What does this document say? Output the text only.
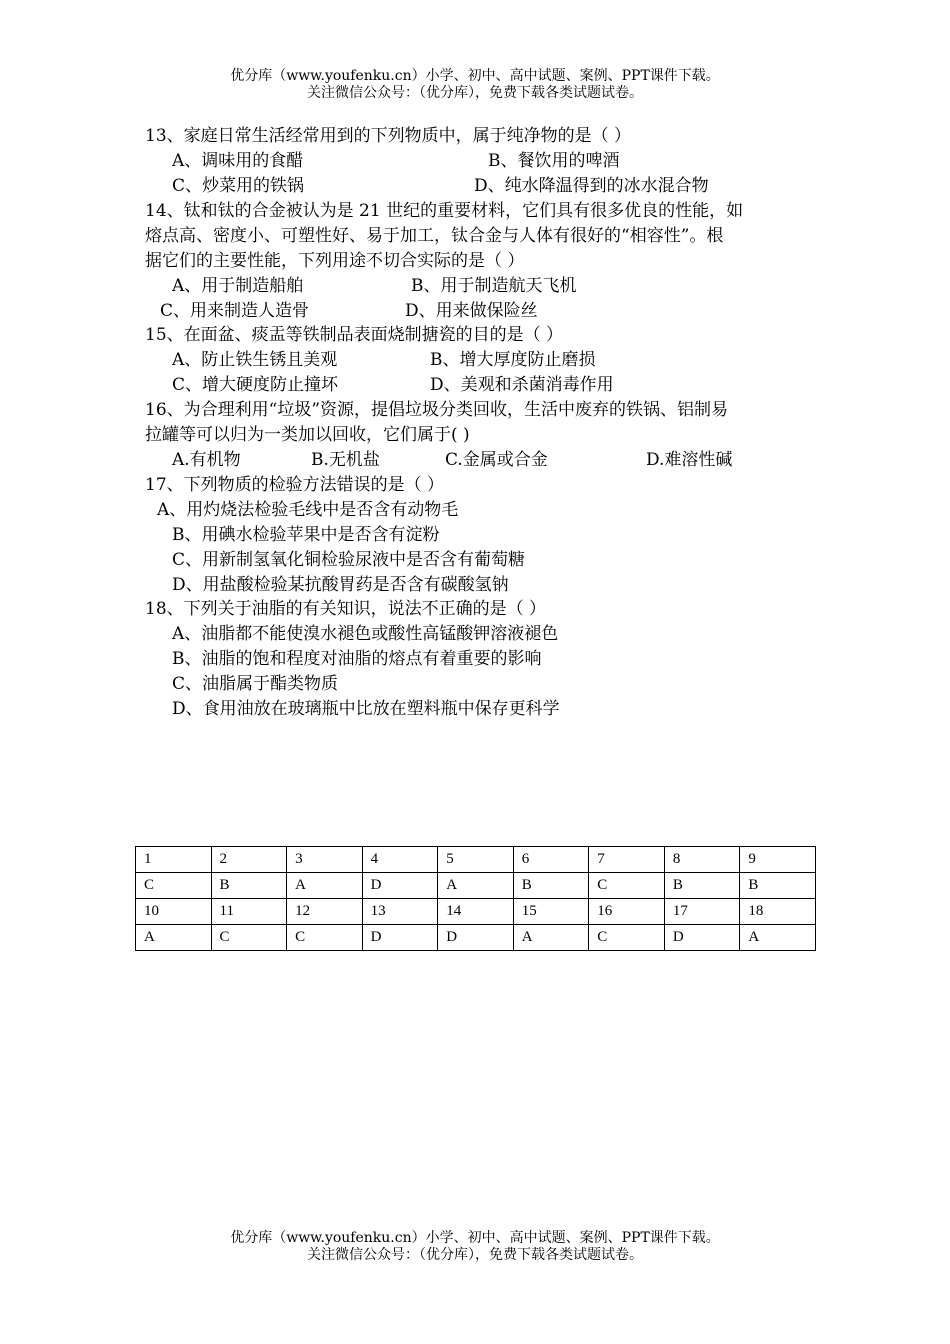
优分库（www.youfenku.cn）小学、初中、高中试题、案例、PPT课件下载。
关注微信公众号：（优分库），免费下载各类试题试卷。
13、家庭日常生活经常用到的下列物质中，属于纯净物的是（ ）
A、调味用的食醋	B、餐饮用的啤酒
C、炒菜用的铁锅	D、纯水降温得到的冰水混合物
14、钛和钛的合金被认为是 21 世纪的重要材料，它们具有很多优良的性能，如
熔点高、密度小、可塑性好、易于加工，钛合金与人体有很好的“相容性”。根
据它们的主要性能，下列用途不切合实际的是（ ）
A、用于制造船舶	B、用于制造航天飞机
C、用来制造人造骨	D、用来做保险丝
15、在面盆、痰盂等铁制品表面烧制搪瓷的目的是（ ）
A、防止铁生锈且美观	B、增大厚度防止磨损
C、增大硬度防止撞坏	D、美观和杀菌消毒作用
16、为合理利用“垃圾”资源，提倡垃圾分类回收，生活中废弃的铁锅、铝制易
拉罐等可以归为一类加以回收，它们属于( )
A.有机物	B.无机盐	C.金属或合金	D.难溶性碱
17、下列物质的检验方法错误的是（ ）
A、用灼烧法检验毛线中是否含有动物毛
B、用碘水检验苹果中是否含有淀粉
C、用新制氢氧化铜检验尿液中是否含有葡萄糖
D、用盐酸检验某抗酸胃药是否含有碳酸氢钠
18、下列关于油脂的有关知识，说法不正确的是（ ）
A、油脂都不能使溴水褪色或酸性高锰酸钾溶液褪色
B、油脂的饱和程度对油脂的熔点有着重要的影响
C、油脂属于酯类物质
D、食用油放在玻璃瓶中比放在塑料瓶中保存更科学
1	2	3	4	5	6	7	8	9
C	B	A	D	A	B	C	B	B
10	11	12	13	14	15	16	17	18
A	C	C	D	D	A	C	D	A
优分库（www.youfenku.cn）小学、初中、高中试题、案例、PPT课件下载。
关注微信公众号：（优分库），免费下载各类试题试卷。
